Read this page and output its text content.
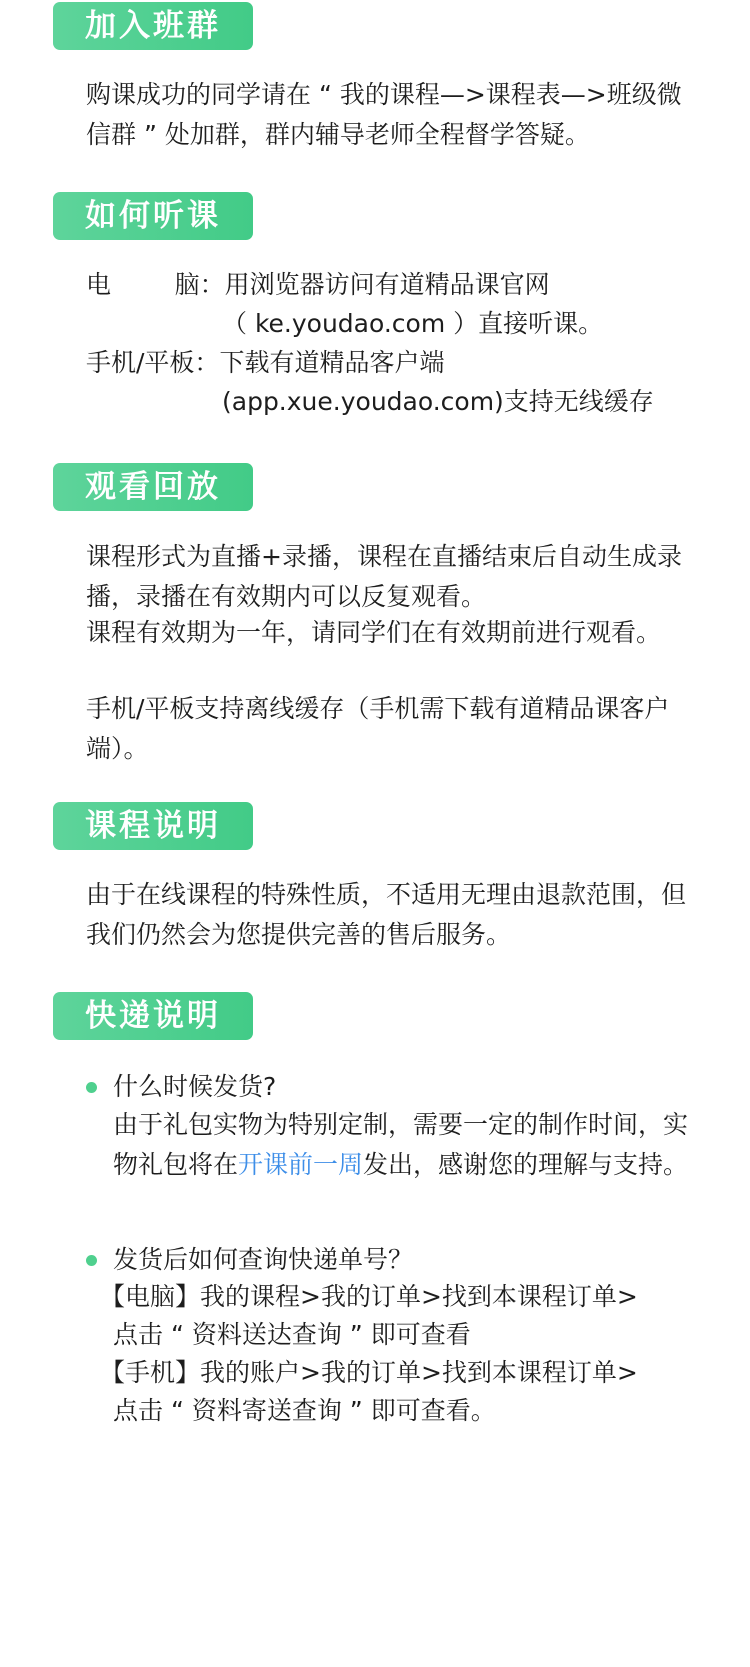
加入班群

购课成功的同学请在 “ 我的课程—>课程表—>班级微信群 ” 处加群，群内辅导老师全程督学答疑。

如何听课
电        脑：用浏览器访问有道精品课官网
（ ke.youdao.com ）直接听课。
手机/平板：下载有道精品客户端
(app.xue.youdao.com)支持无线缓存
观看回放

课程形式为直播+录播，课程在直播结束后自动生成录播，录播在有效期内可以反复观看。

课程有效期为一年，请同学们在有效期前进行观看。

手机/平板支持离线缓存（手机需下载有道精品课客户端）。

课程说明

由于在线课程的特殊性质，不适用无理由退款范围，但我们仍然会为您提供完善的售后服务。

快递说明
什么时候发货?

由于礼包实物为特别定制，需要一定的制作时间，实物礼包将在开课前一周发出，感谢您的理解与支持。

发货后如何查询快递单号？
【电脑】我的课程>我的订单>找到本课程订单>
点击 “ 资料送达查询 ” 即可查看
【手机】我的账户>我的订单>找到本课程订单>
点击 “ 资料寄送查询 ” 即可查看。
